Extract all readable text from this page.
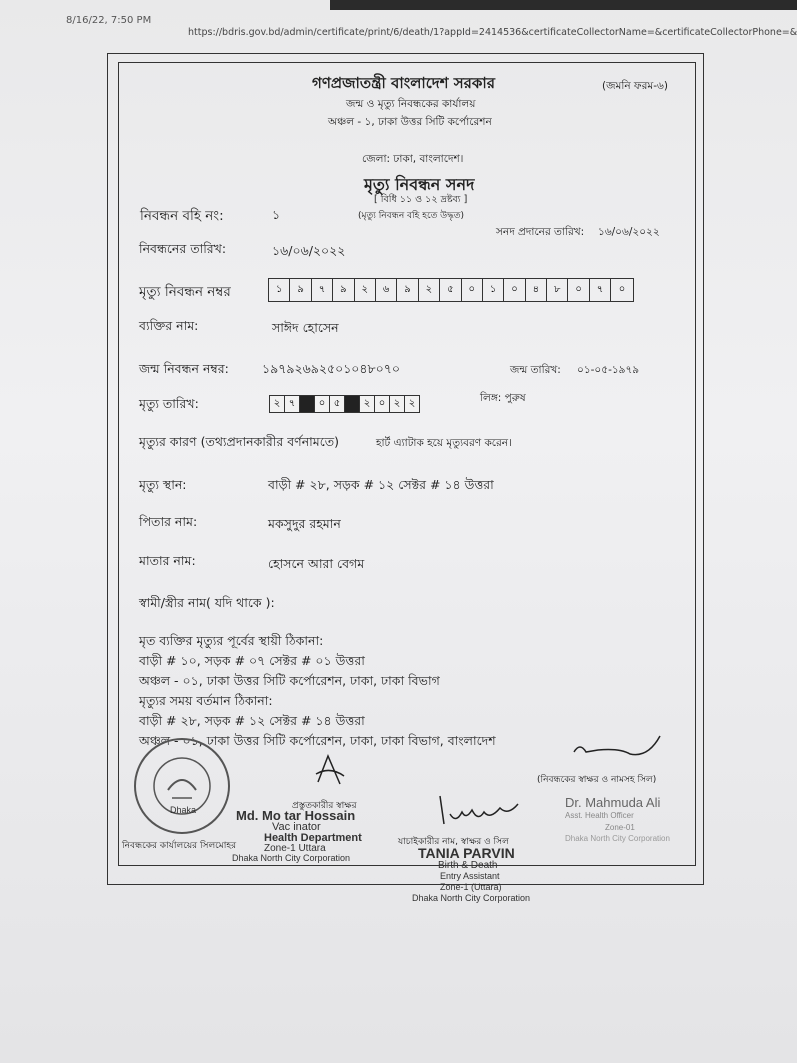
8/16/22, 7:50 PM
https://bdris.gov.bd/admin/certificate/print/6/death/1?appId=2414536&certificateCollectorName=&certificateCollectorPhone=&
গণপ্রজাতন্ত্রী বাংলাদেশ সরকার	(জমনি ফরম-৬)
জন্ম ও মৃত্যু নিবন্ধকের কার্যালয়
অঞ্চল - ১, ঢাকা উত্তর সিটি কর্পোরেশন
জেলা: ঢাকা, বাংলাদেশ।
মৃত্যু নিবন্ধন সনদ
[ বিধি ১১ ও ১২ দ্রষ্টব্য ]
(মৃত্যু নিবন্ধন বহি হতে উদ্ধৃত)
নিবন্ধন বহি নং:	১
সনদ প্রদানের তারিখ: ১৬/০৬/২০২২
নিবন্ধনের তারিখ:	১৬/০৬/২০২২
মৃত্যু নিবন্ধন নম্বর	১	৯	৭	৯	২	৬	৯	২	৫	০	১	০	৪	৮	০	৭	০
ব্যক্তির নাম:	সাঈদ হোসেন
জন্ম নিবন্ধন নম্বর:	১৯৭৯২৬৯২৫০১০৪৮০৭০	জন্ম তারিখ: ০১-০৫-১৯৭৯
মৃত্যু তারিখ:	২ ৭	০ ৫	২ ০ ২ ২	লিঙ্গ: পুরুষ
মৃত্যুর কারণ (তথ্যপ্রদানকারীর বর্ণনামতে)	হার্ট এ্যাটাক হয়ে মৃত্যুবরণ করেন।
মৃত্যু স্থান:	বাড়ী # ২৮, সড়ক # ১২ সেক্টর # ১৪ উত্তরা
পিতার নাম:	মকসুদুর রহমান
মাতার নাম:	হোসনে আরা বেগম
স্বামী/স্ত্রীর নাম( যদি থাকে ):
মৃত ব্যক্তির মৃত্যুর পূর্বের স্থায়ী ঠিকানা:
বাড়ী # ১০, সড়ক # ০৭ সেক্টর # ০১ উত্তরা
অঞ্চল - ০১, ঢাকা উত্তর সিটি কর্পোরেশন, ঢাকা, ঢাকা বিভাগ
মৃত্যুর সময় বর্তমান ঠিকানা:
বাড়ী # ২৮, সড়ক # ১২ সেক্টর # ১৪ উত্তরা
অঞ্চল - ০১, ঢাকা উত্তর সিটি কর্পোরেশন, ঢাকা, ঢাকা বিভাগ, বাংলাদেশ
Dhaka
(নিবন্ধকের স্বাক্ষর ও নামসহ সিল)
প্রস্তুতকারীর স্বাক্ষর
Md. Mo tar Hossain
Vac inator
Health Department
Zone-1 Uttara
Dhaka North City Corporation
নিবন্ধকের কার্যালয়ের সিলমোহর
Dr. Mahmuda Ali
Asst. Health Officer
Zone-01
Dhaka North City Corporation
যাচাইকারীর নাম, স্বাক্ষর ও সিল
TANIA PARVIN
Birth & Death
Entry Assistant
Zone-1 (Uttara)
Dhaka North City Corporation
